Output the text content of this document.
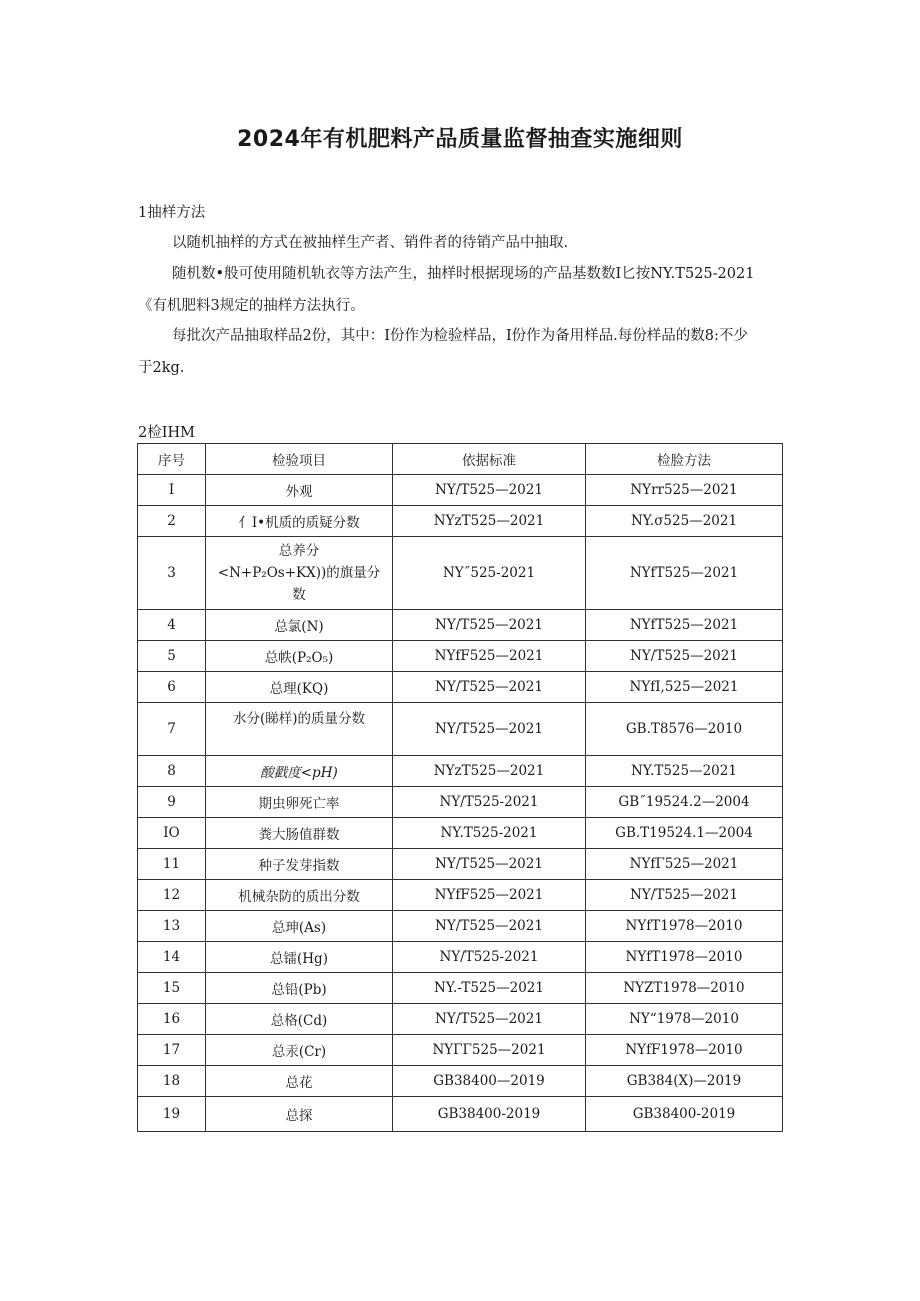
2024年有机肥料产品质量监督抽查实施细则
1抽样方法
以随机抽样的方式在被抽样生产者、销件者的待销产品中抽取.
随机数•般可使用随机轨衣等方法产生，抽样时根据现场的产品基数数I匕按NY.T525-2021
《有机肥料3规定的抽样方法执行。
每批次产品抽取样品2份，其中：I份作为检验样品，I份作为备用样品.每份样品的数8:不少
于2kg.
2检IHM
序号	检验项目	依据标准	检脸方法
I	外观	NY/T525—2021	NYrr525—2021
2	亻I•机质的质疑分数	NYzT525—2021	NY.σ525—2021
3	总养分
<N+P₂Os+KX))的旗量分
数	NY˝525-2021	NYfT525—2021
4	总氯(N)	NY/T525—2021	NYfT525—2021
5	总帙(P₂O₅)	NYfF525—2021	NY/T525—2021
6	总理(KQ)	NY/T525—2021	NYfI,525—2021
7	水分(睇样)的质量分数	NY/T525—2021	GB.T8576—2010
8	酸戳度<pH)	NYzT525—2021	NY.T525—2021
9	期虫卵死亡率	NY/T525-2021	GB˝19524.2—2004
IO	粪大肠值群数	NY.T525-2021	GB.T19524.1—2004
11	种子发芽指数	NY/T525—2021	NYfΓ525—2021
12	机械杂防的质出分数	NYfF525—2021	NY/T525—2021
13	总珅(As)	NY/T525—2021	NYfT1978—2010
14	总镭(Hg)	NY/T525-2021	NYfT1978—2010
15	总铅(Pb)	NY.-T525—2021	NYZT1978—2010
16	总格(Cd)	NY/T525—2021	NY“1978—2010
17	总汞(Cr)	NYΓΓ525—2021	NYfF1978—2010
18	总花	GB38400—2019	GB384(X)—2019
19	总探	GB38400-2019	GB38400-2019
